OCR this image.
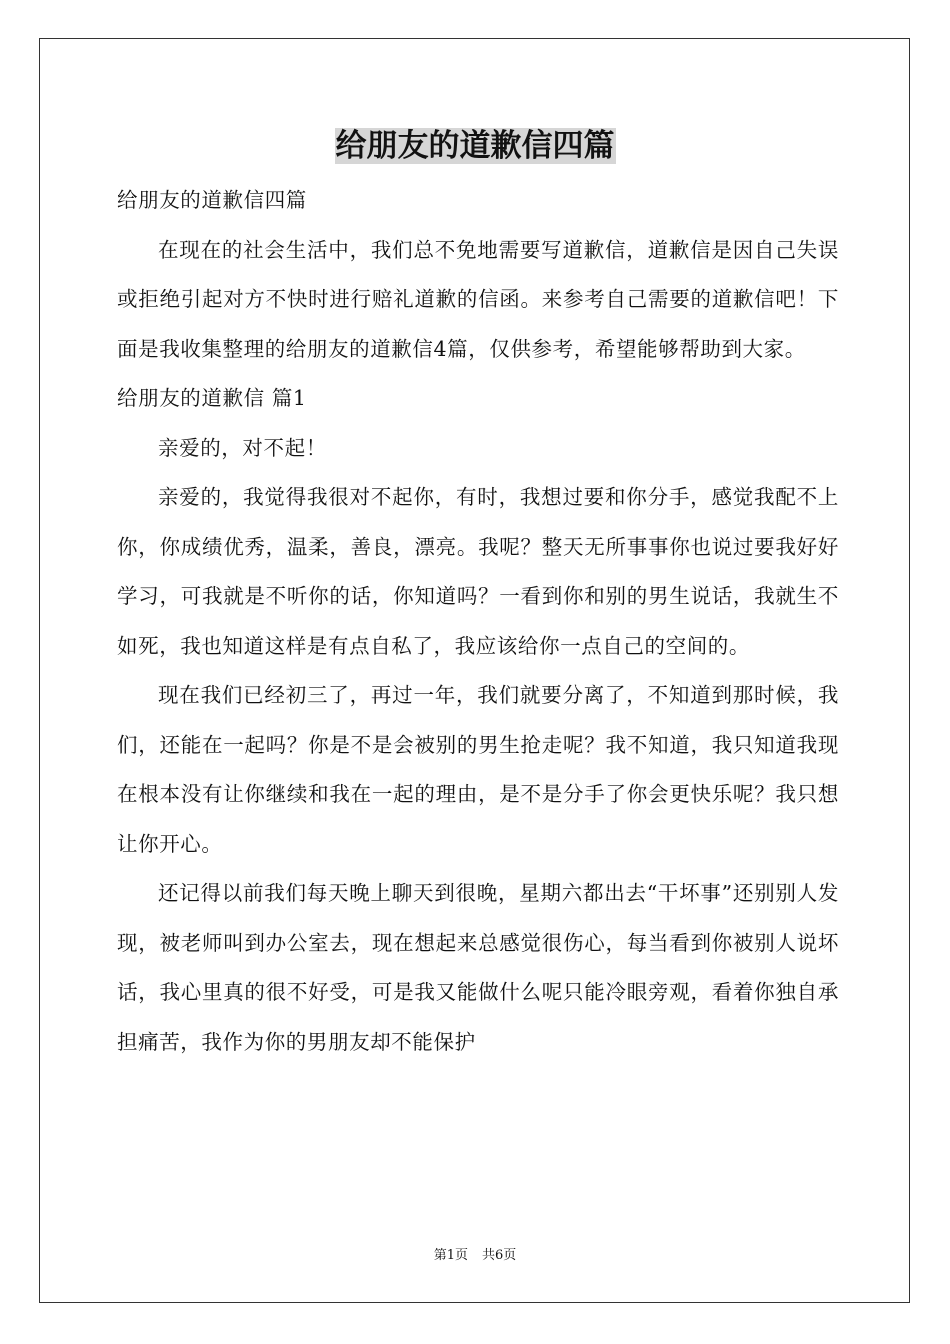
给朋友的道歉信四篇

给朋友的道歉信四篇

在现在的社会生活中，我们总不免地需要写道歉信，道歉信是因自己失误或拒绝引起对方不快时进行赔礼道歉的信函。来参考自己需要的道歉信吧！下面是我收集整理的给朋友的道歉信4篇，仅供参考，希望能够帮助到大家。

给朋友的道歉信 篇1

亲爱的，对不起！

亲爱的，我觉得我很对不起你，有时，我想过要和你分手，感觉我配不上你，你成绩优秀，温柔，善良，漂亮。我呢？整天无所事事你也说过要我好好学习，可我就是不听你的话，你知道吗？一看到你和别的男生说话，我就生不如死，我也知道这样是有点自私了，我应该给你一点自己的空间的。

现在我们已经初三了，再过一年，我们就要分离了，不知道到那时候，我们，还能在一起吗？你是不是会被别的男生抢走呢？我不知道，我只知道我现在根本没有让你继续和我在一起的理由，是不是分手了你会更快乐呢？我只想让你开心。

还记得以前我们每天晚上聊天到很晚，星期六都出去“干坏事”还别别人发现，被老师叫到办公室去，现在想起来总感觉很伤心，每当看到你被别人说坏话，我心里真的很不好受，可是我又能做什么呢只能冷眼旁观，看着你独自承担痛苦，我作为你的男朋友却不能保护

第1页 共6页
